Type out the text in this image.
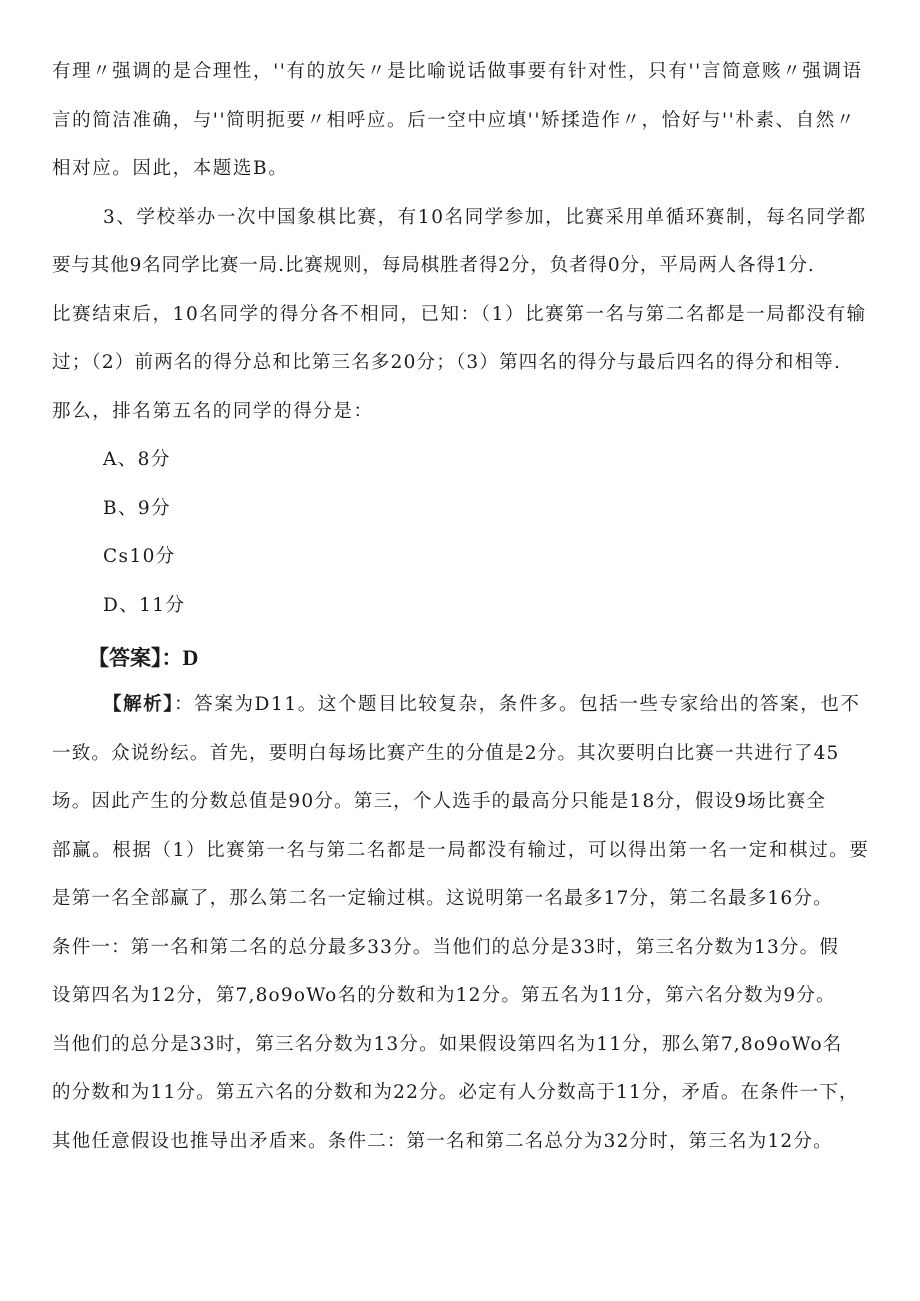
有理〃强调的是合理性，''有的放矢〃是比喻说话做事要有针对性，只有''言简意赅〃强调语
言的简洁准确，与''简明扼要〃相呼应。后一空中应填''矫揉造作〃，恰好与''朴素、自然〃
相对应。因此，本题选B。
3、学校举办一次中国象棋比赛，有10名同学参加，比赛采用单循环赛制，每名同学都
要与其他9名同学比赛一局.比赛规则，每局棋胜者得2分，负者得0分，平局两人各得1分.
比赛结束后，10名同学的得分各不相同，已知：（1）比赛第一名与第二名都是一局都没有输
过；（2）前两名的得分总和比第三名多20分；（3）第四名的得分与最后四名的得分和相等.
那么，排名第五名的同学的得分是：
A、8分
B、9分
Cs10分
D、11分
【答案】：D
【解析】：答案为D11。这个题目比较复杂，条件多。包括一些专家给出的答案，也不
一致。众说纷纭。首先，要明白每场比赛产生的分值是2分。其次要明白比赛一共进行了45
场。因此产生的分数总值是90分。第三，个人选手的最高分只能是18分，假设9场比赛全
部赢。根据（1）比赛第一名与第二名都是一局都没有输过，可以得出第一名一定和棋过。要
是第一名全部赢了，那么第二名一定输过棋。这说明第一名最多17分，第二名最多16分。
条件一：第一名和第二名的总分最多33分。当他们的总分是33时，第三名分数为13分。假
设第四名为12分，第7,8o9oWo名的分数和为12分。第五名为11分，第六名分数为9分。
当他们的总分是33时，第三名分数为13分。如果假设第四名为11分，那么第7,8o9oWo名
的分数和为11分。第五六名的分数和为22分。必定有人分数高于11分，矛盾。在条件一下，
其他任意假设也推导出矛盾来。条件二：第一名和第二名总分为32分时，第三名为12分。
